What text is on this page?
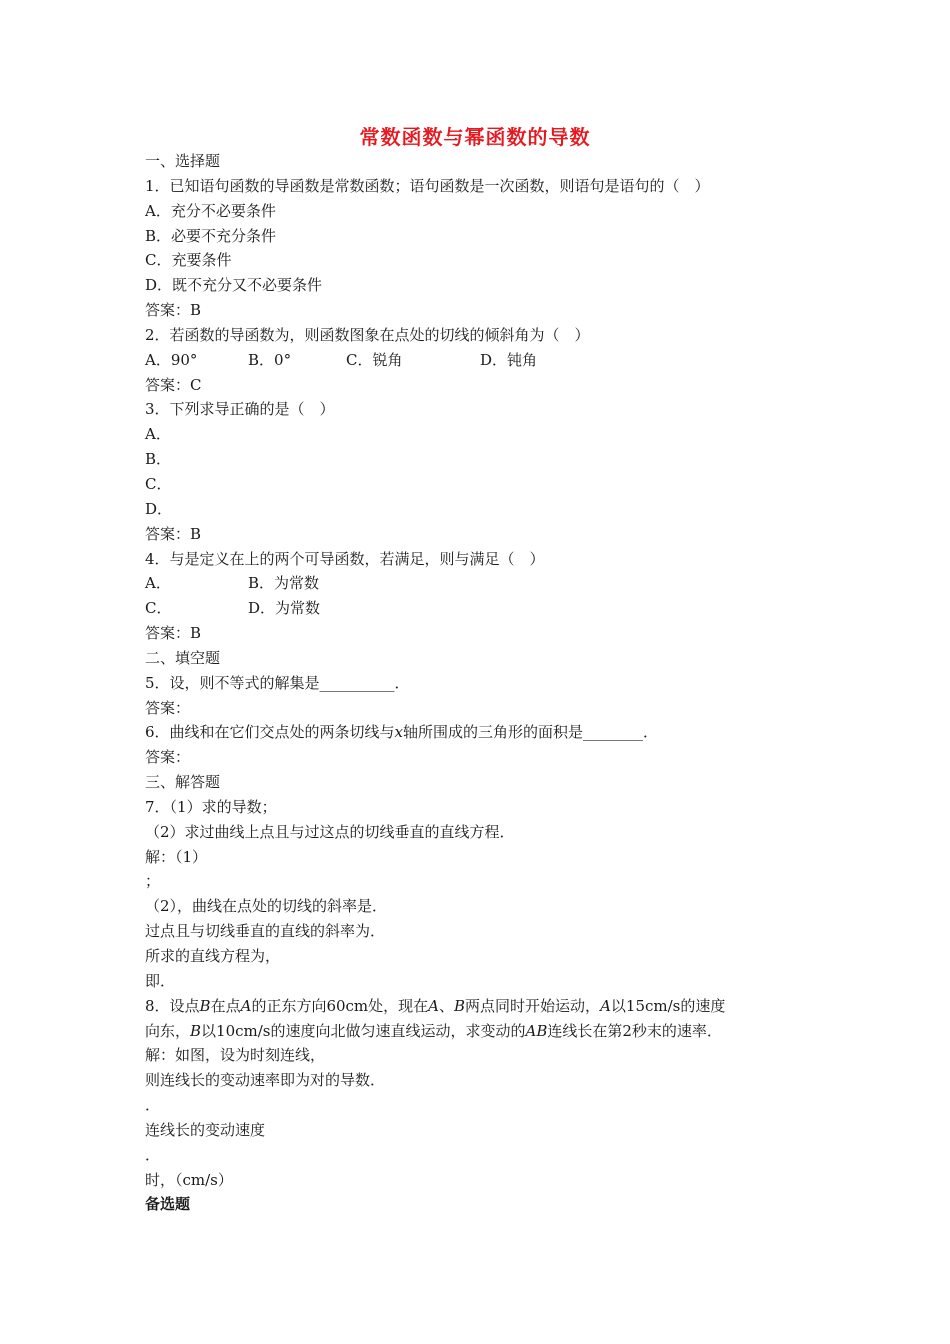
常数函数与幂函数的导数
一、选择题
1．已知语句函数的导函数是常数函数；语句函数是一次函数，则语句是语句的（　）
A．充分不必要条件
B．必要不充分条件
C．充要条件
D．既不充分又不必要条件
答案：B
2．若函数的导函数为，则函数图象在点处的切线的倾斜角为（　）
A．90°	B．0°	C．锐角	D．钝角
答案：C
3．下列求导正确的是（　）
A．
B．
C．
D．
答案：B
4．与是定义在上的两个可导函数，若满足，则与满足（　）
A．	B．为常数
C．	D．为常数
答案：B
二、填空题
5．设，则不等式的解集是__________．
答案：
6．曲线和在它们交点处的两条切线与x轴所围成的三角形的面积是________．
答案：
三、解答题
7．（1）求的导数；
（2）求过曲线上点且与过这点的切线垂直的直线方程．
解：（1）
；
（2），曲线在点处的切线的斜率是．
过点且与切线垂直的直线的斜率为．
所求的直线方程为，
即．
8．设点B在点A的正东方向60cm处，现在A、B两点同时开始运动，A以15cm/s的速度
向东，B以10cm/s的速度向北做匀速直线运动，求变动的AB连线长在第2秒末的速率．
解：如图，设为时刻连线，
则连线长的变动速率即为对的导数．
．
连线长的变动速度
．
时，（cm/s）
备选题
